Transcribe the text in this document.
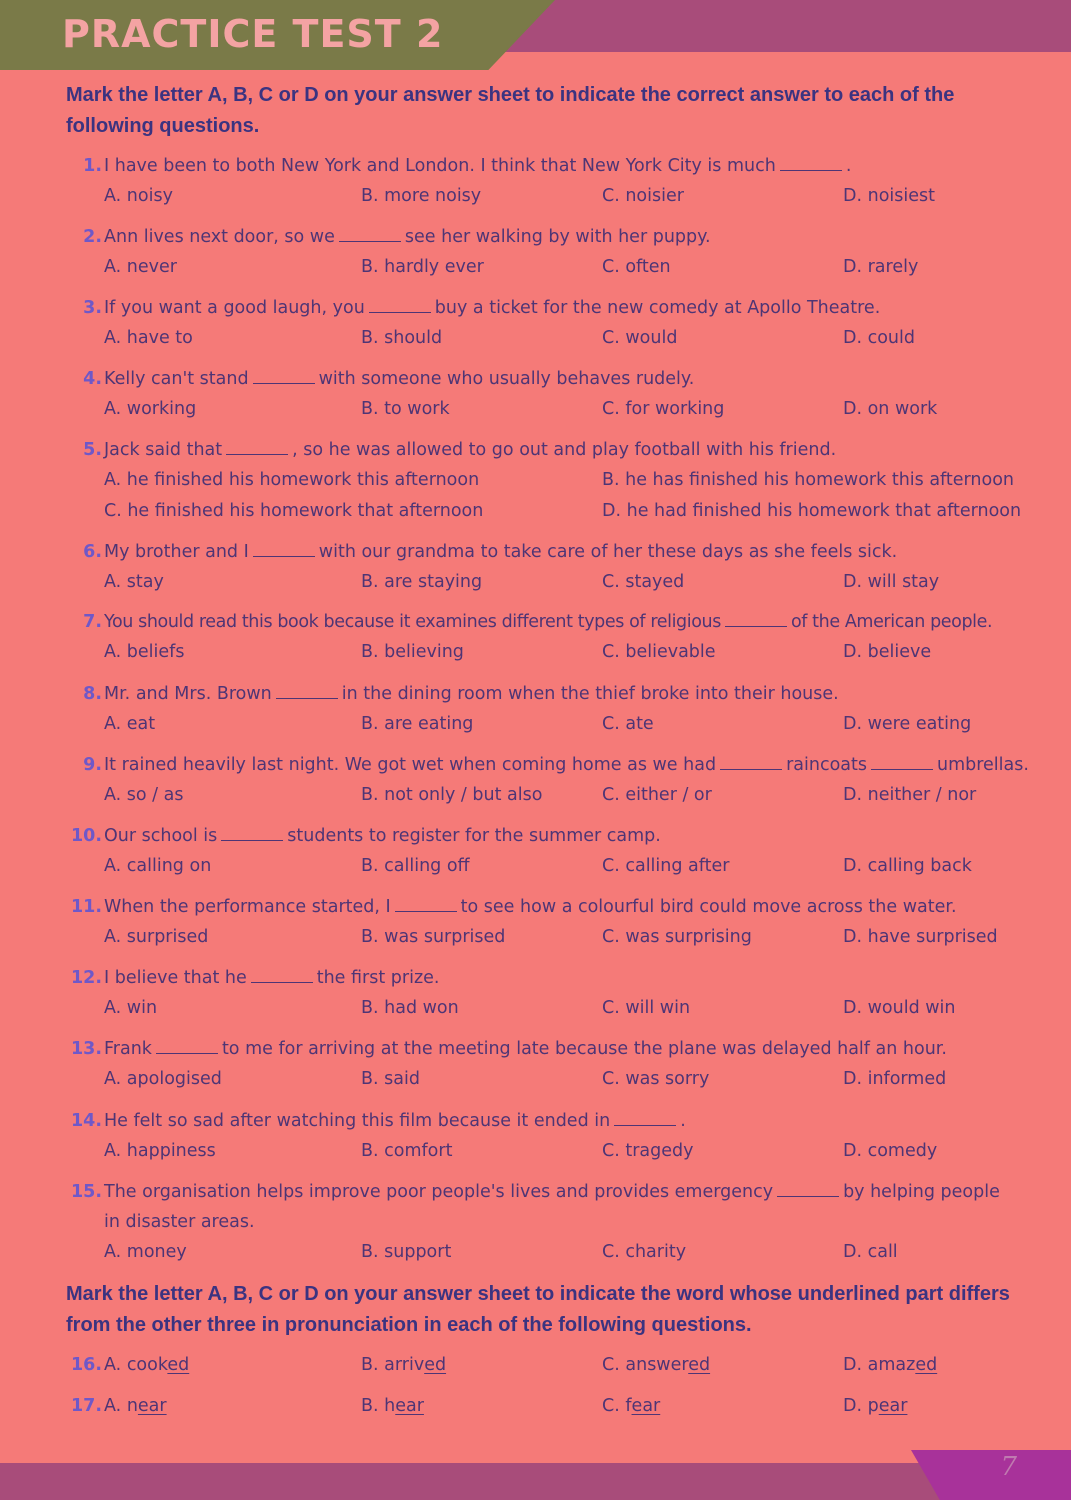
PRACTICE TEST 2
Mark the letter A, B, C or D on your answer sheet to indicate the correct answer to each of the following questions.
1. I have been to both New York and London. I think that New York City is much	.
A. noisy	B. more noisy	C. noisier	D. noisiest
2. Ann lives next door, so we	see her walking by with her puppy.
A. never	B. hardly ever	C. often	D. rarely
3. If you want a good laugh, you	buy a ticket for the new comedy at Apollo Theatre.
A. have to	B. should	C. would	D. could
4. Kelly can't stand	with someone who usually behaves rudely.
A. working	B. to work	C. for working	D. on work
5. Jack said that	, so he was allowed to go out and play football with his friend.
A. he finished his homework this afternoon	B. he has finished his homework this afternoon
C. he finished his homework that afternoon	D. he had finished his homework that afternoon
6. My brother and I	with our grandma to take care of her these days as she feels sick.
A. stay	B. are staying	C. stayed	D. will stay
7. You should read this book because it examines different types of religious	of the American people.
A. beliefs	B. believing	C. believable	D. believe
8. Mr. and Mrs. Brown	in the dining room when the thief broke into their house.
A. eat	B. are eating	C. ate	D. were eating
9. It rained heavily last night. We got wet when coming home as we had	raincoats	umbrellas.
A. so / as	B. not only / but also	C. either / or	D. neither / nor
10. Our school is	students to register for the summer camp.
A. calling on	B. calling off	C. calling after	D. calling back
11. When the performance started, I	to see how a colourful bird could move across the water.
A. surprised	B. was surprised	C. was surprising	D. have surprised
12. I believe that he	the first prize.
A. win	B. had won	C. will win	D. would win
13. Frank	to me for arriving at the meeting late because the plane was delayed half an hour.
A. apologised	B. said	C. was sorry	D. informed
14. He felt so sad after watching this film because it ended in	.
A. happiness	B. comfort	C. tragedy	D. comedy
15. The organisation helps improve poor people's lives and provides emergency	by helping people
in disaster areas.
A. money	B. support	C. charity	D. call
Mark the letter A, B, C or D on your answer sheet to indicate the word whose underlined part differs from the other three in pronunciation in each of the following questions.
16. A. cooked	B. arrived	C. answered	D. amazed
17. A. near	B. hear	C. fear	D. pear
7
